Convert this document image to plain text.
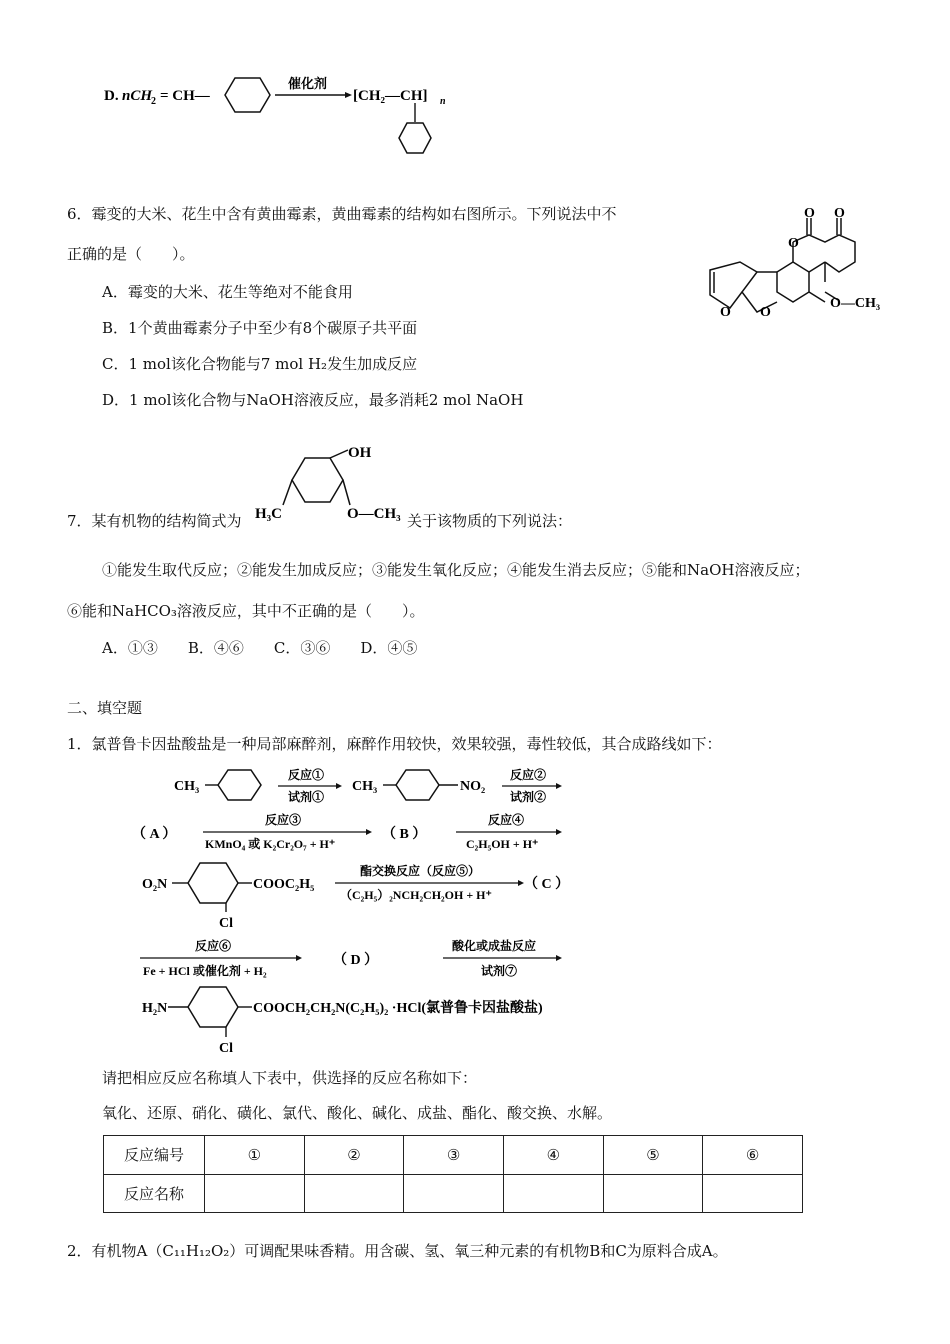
D. nCH
2 = CH—
催化剂
[CH₂—CH] n
6．霉变的大米、花生中含有黄曲霉素，黄曲霉素的结构如右图所示。下列说法中不
正确的是（　　）。
A．霉变的大米、花生等绝对不能食用
B．1个黄曲霉素分子中至少有8个碳原子共平面
C．1 mol该化合物能与7 mol H₂发生加成反应
D．1 mol该化合物与NaOH溶液反应，最多消耗2 mol NaOH
O O
O
O O
O—CH₃
7．某有机物的结构简式为
OH
H₃C	O—CH₃ 关于该物质的下列说法：
①能发生取代反应；②能发生加成反应；③能发生氧化反应；④能发生消去反应；⑤能和NaOH溶液反应；
⑥能和NaHCO₃溶液反应，其中不正确的是（　　）。
A．①③　　B．④⑥　　C．③⑥　　D．④⑤
二、填空题
1．氯普鲁卡因盐酸盐是一种局部麻醉剂，麻醉作用较快，效果较强，毒性较低，其合成路线如下：
CH₃
反应①
试剂①
CH₃	NO₂
反应②
试剂②
（ A ）
反应③
KMnO₄ 或 K₂Cr₂O₇ + H⁺
（ B ）
反应④
C₂H₅OH + H⁺
O₂N	COOC₂H₅
Cl
酯交换反应（反应⑤）
（C₂H₅）₂NCH₂CH₂OH + H⁺
（ C ）
反应⑥
Fe + HCl 或催化剂 + H₂
（ D ）
酸化或成盐反应
试剂⑦
H₂N	COOCH₂CH₂N(C₂H₅)₂ ·HCl(氯普鲁卡因盐酸盐)
Cl
请把相应反应名称填人下表中，供选择的反应名称如下：
氧化、还原、硝化、磺化、氯代、酸化、碱化、成盐、酯化、酸交换、水解。
反应编号	①	②	③	④	⑤	⑥
反应名称						
2．有机物A（C₁₁H₁₂O₂）可调配果味香精。用含碳、氢、氧三种元素的有机物B和C为原料合成A。
